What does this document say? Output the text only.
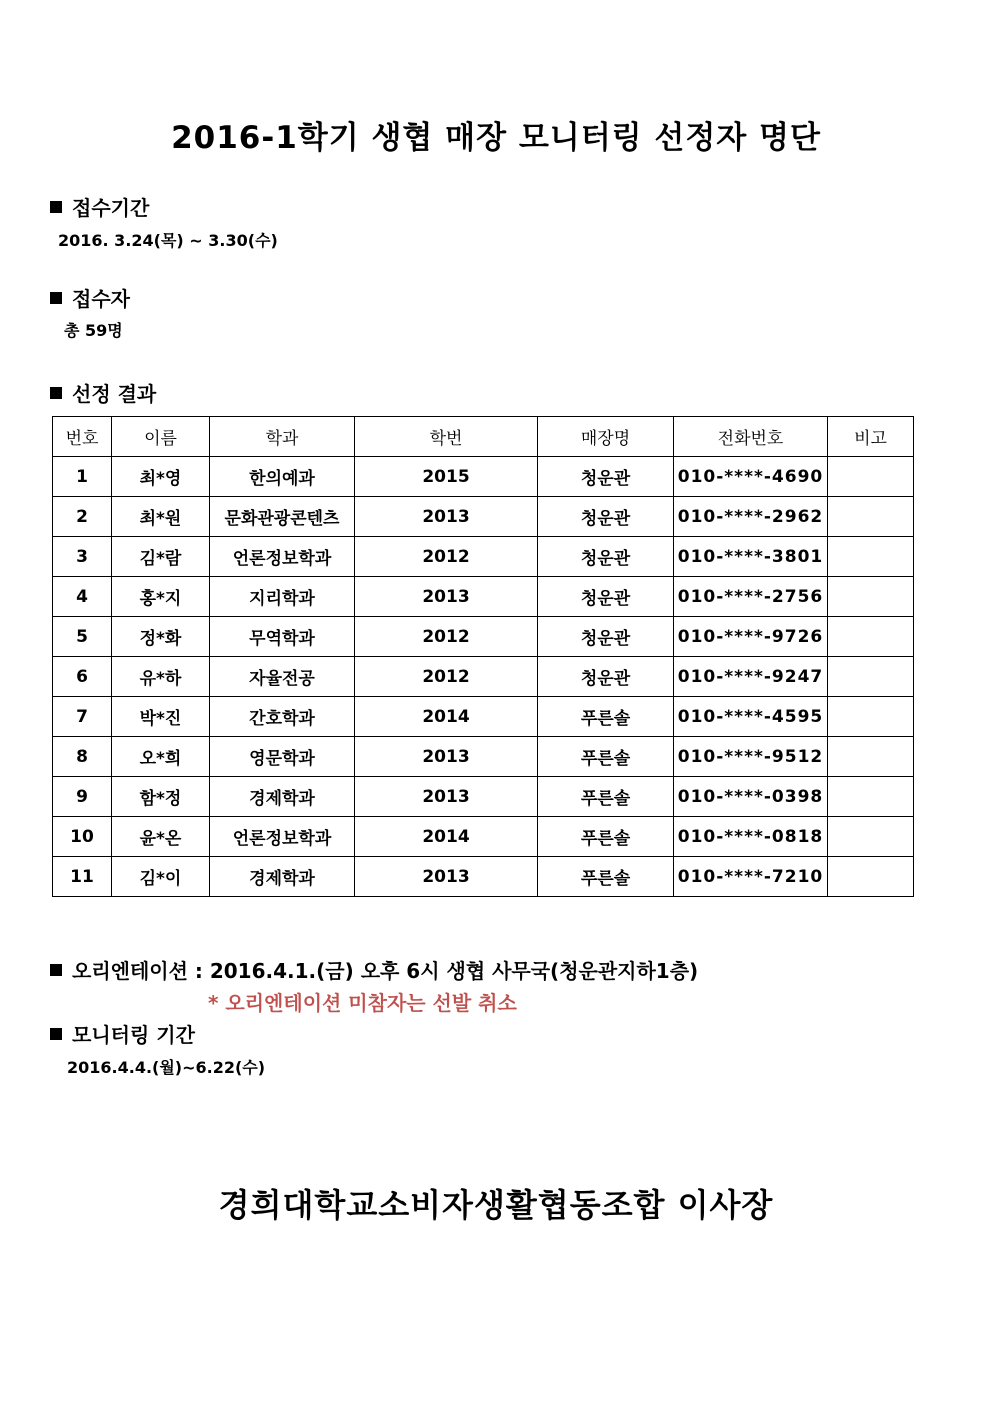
2016-1학기 생협 매장 모니터링 선정자 명단
접수기간
2016. 3.24(목) ~ 3.30(수)
접수자
총 59명
선정 결과
번호	이름	학과	학번	매장명	전화번호	비고
1	최*영	한의예과	2015	청운관	010-****-4690	
2	최*원	문화관광콘텐츠	2013	청운관	010-****-2962	
3	김*람	언론정보학과	2012	청운관	010-****-3801	
4	홍*지	지리학과	2013	청운관	010-****-2756	
5	정*화	무역학과	2012	청운관	010-****-9726	
6	유*하	자율전공	2012	청운관	010-****-9247	
7	박*진	간호학과	2014	푸른솔	010-****-4595	
8	오*희	영문학과	2013	푸른솔	010-****-9512	
9	함*정	경제학과	2013	푸른솔	010-****-0398	
10	윤*온	언론정보학과	2014	푸른솔	010-****-0818	
11	김*이	경제학과	2013	푸른솔	010-****-7210	
오리엔테이션 : 2016.4.1.(금) 오후 6시 생협 사무국(청운관지하1층)
* 오리엔테이션 미참자는 선발 취소
모니터링 기간
2016.4.4.(월)~6.22(수)
경희대학교소비자생활협동조합 이사장
